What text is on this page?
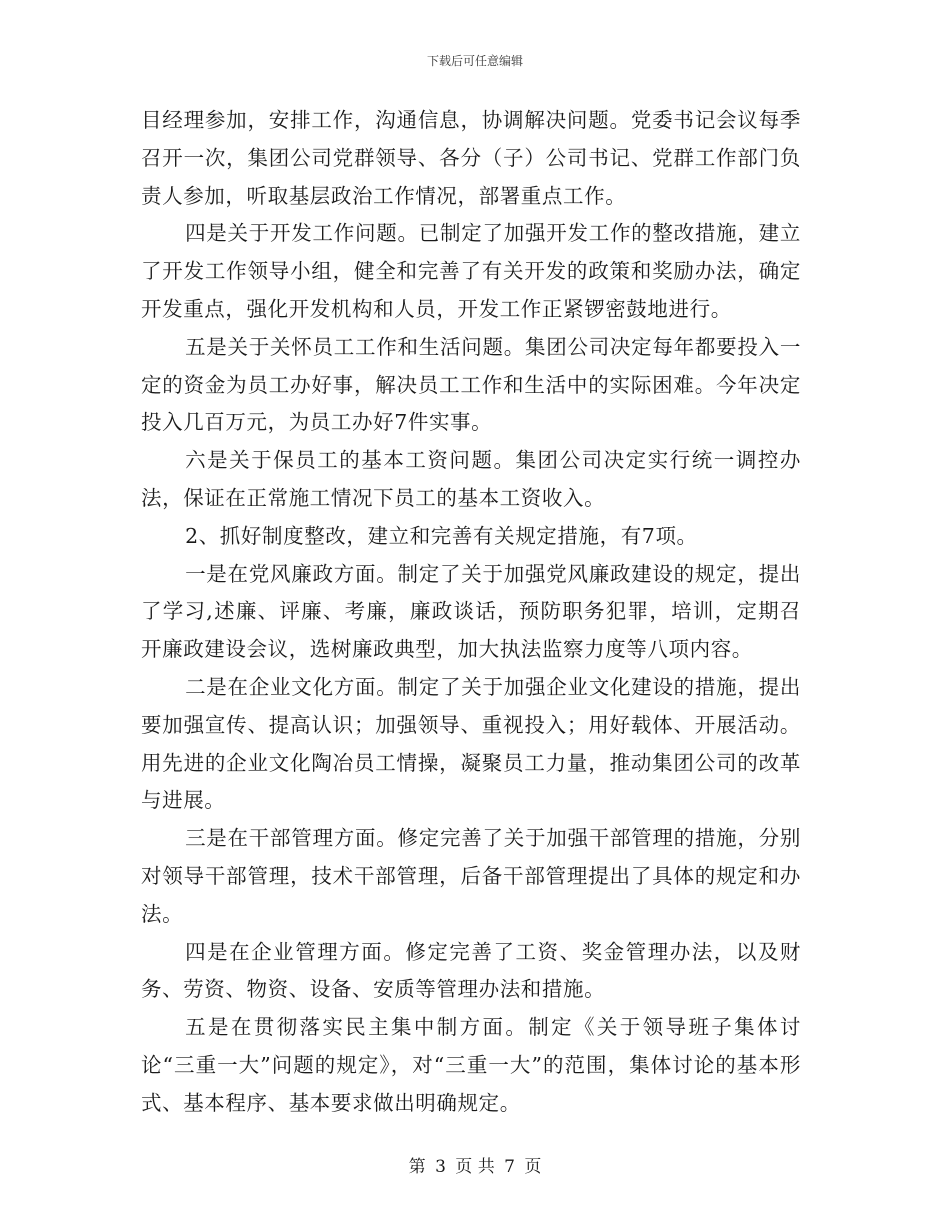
下载后可任意编辑

目经理参加，安排工作，沟通信息，协调解决问题。党委书记会议每季召开一次，集团公司党群领导、各分（子）公司书记、党群工作部门负责人参加，听取基层政治工作情况，部署重点工作。

四是关于开发工作问题。已制定了加强开发工作的整改措施，建立了开发工作领导小组，健全和完善了有关开发的政策和奖励办法，确定开发重点，强化开发机构和人员，开发工作正紧锣密鼓地进行。

五是关于关怀员工工作和生活问题。集团公司决定每年都要投入一定的资金为员工办好事，解决员工工作和生活中的实际困难。今年决定投入几百万元，为员工办好7件实事。

六是关于保员工的基本工资问题。集团公司决定实行统一调控办法，保证在正常施工情况下员工的基本工资收入。

2、抓好制度整改，建立和完善有关规定措施，有7项。

一是在党风廉政方面。制定了关于加强党风廉政建设的规定，提出了学习,述廉、评廉、考廉，廉政谈话，预防职务犯罪，培训，定期召开廉政建设会议，选树廉政典型，加大执法监察力度等八项内容。

二是在企业文化方面。制定了关于加强企业文化建设的措施，提出要加强宣传、提高认识；加强领导、重视投入；用好载体、开展活动。用先进的企业文化陶冶员工情操，凝聚员工力量，推动集团公司的改革与进展。

三是在干部管理方面。修定完善了关于加强干部管理的措施，分别对领导干部管理，技术干部管理，后备干部管理提出了具体的规定和办法。

四是在企业管理方面。修定完善了工资、奖金管理办法，以及财务、劳资、物资、设备、安质等管理办法和措施。

五是在贯彻落实民主集中制方面。制定《关于领导班子集体讨论“三重一大”问题的规定》，对“三重一大”的范围，集体讨论的基本形式、基本程序、基本要求做出明确规定。

第 3 页 共 7 页
